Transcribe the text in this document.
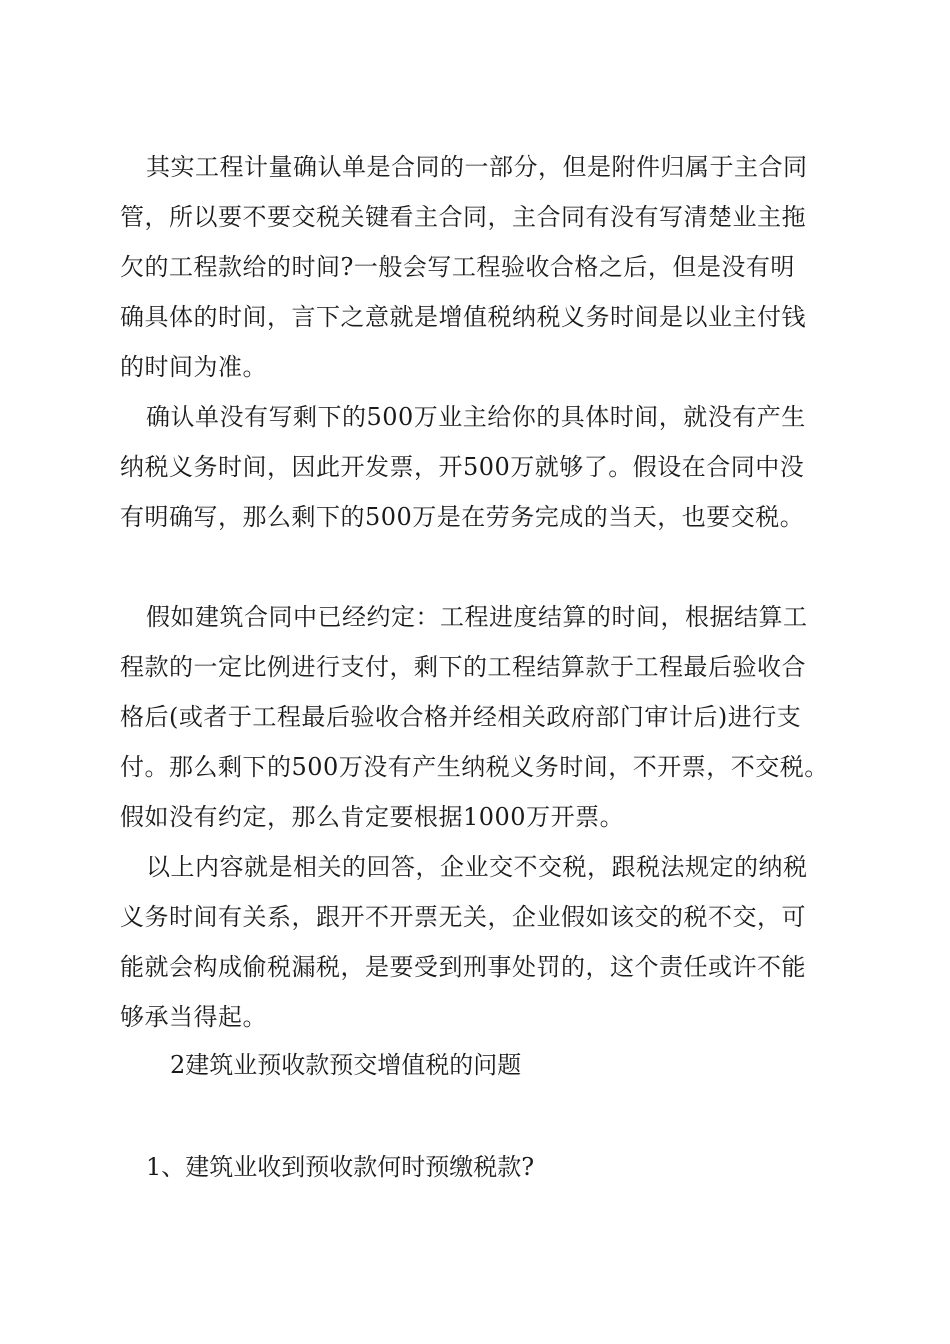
其实工程计量确认单是合同的一部分，但是附件归属于主合同
管，所以要不要交税关键看主合同，主合同有没有写清楚业主拖
欠的工程款给的时间?一般会写工程验收合格之后，但是没有明
确具体的时间，言下之意就是增值税纳税义务时间是以业主付钱
的时间为准。

确认单没有写剩下的500万业主给你的具体时间，就没有产生
纳税义务时间，因此开发票，开500万就够了。假设在合同中没
有明确写，那么剩下的500万是在劳务完成的当天，也要交税。

假如建筑合同中已经约定：工程进度结算的时间，根据结算工
程款的一定比例进行支付，剩下的工程结算款于工程最后验收合
格后(或者于工程最后验收合格并经相关政府部门审计后)进行支
付。那么剩下的500万没有产生纳税义务时间，不开票，不交税。
假如没有约定，那么肯定要根据1000万开票。

以上内容就是相关的回答，企业交不交税，跟税法规定的纳税
义务时间有关系，跟开不开票无关，企业假如该交的税不交，可
能就会构成偷税漏税，是要受到刑事处罚的，这个责任或许不能
够承当得起。

2建筑业预收款预交增值税的问题

1、建筑业收到预收款何时预缴税款?
